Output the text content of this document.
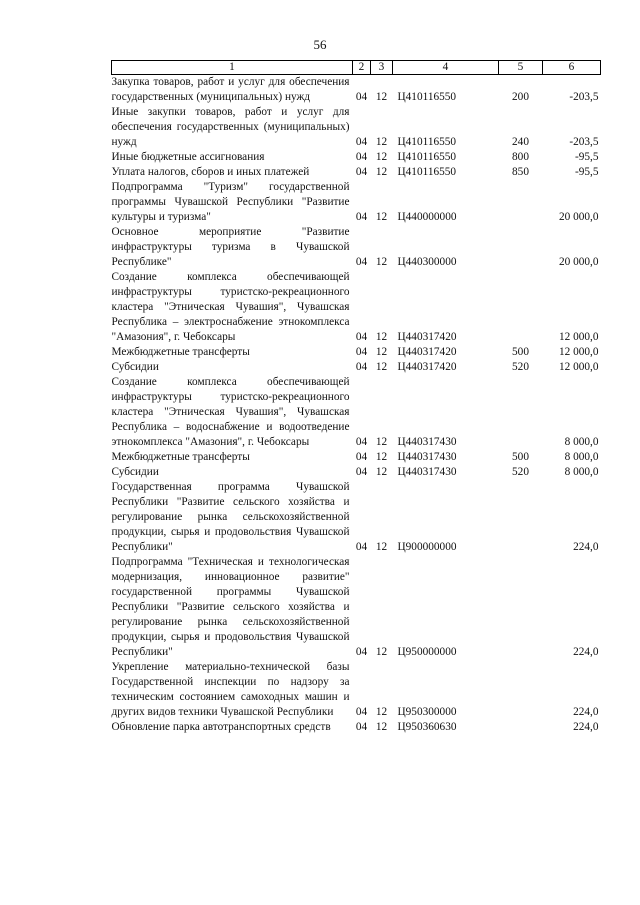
56
1	2	3	4	5	6
Закупка товаров, работ и услуг для обеспечения государственных (муниципальных) нужд	04	12	Ц410116550	200	-203,5
Иные закупки товаров, работ и услуг для обеспечения государственных (муниципальных) нужд	04	12	Ц410116550	240	-203,5
Иные бюджетные ассигнования	04	12	Ц410116550	800	-95,5
Уплата налогов, сборов и иных платежей	04	12	Ц410116550	850	-95,5
Подпрограмма "Туризм" государственной программы Чувашской Республики "Развитие культуры и туризма"	04	12	Ц440000000		20 000,0
Основное мероприятие "Развитие инфраструктуры туризма в Чувашской Республике"	04	12	Ц440300000		20 000,0
Создание комплекса обеспечивающей инфраструктуры туристско-рекреационного кластера "Этническая Чувашия", Чувашская Республика – электроснабжение этнокомплекса "Амазония", г. Чебоксары	04	12	Ц440317420		12 000,0
Межбюджетные трансферты	04	12	Ц440317420	500	12 000,0
Субсидии	04	12	Ц440317420	520	12 000,0
Создание комплекса обеспечивающей инфраструктуры туристско-рекреационного кластера "Этническая Чувашия", Чувашская Республика – водоснабжение и водоотведение этнокомплекса "Амазония", г. Чебоксары	04	12	Ц440317430		8 000,0
Межбюджетные трансферты	04	12	Ц440317430	500	8 000,0
Субсидии	04	12	Ц440317430	520	8 000,0
Государственная программа Чувашской Республики "Развитие сельского хозяйства и регулирование рынка сельскохозяйственной продукции, сырья и продовольствия Чувашской Республики"	04	12	Ц900000000		224,0
Подпрограмма "Техническая и технологическая модернизация, инновационное развитие" государственной программы Чувашской Республики "Развитие сельского хозяйства и регулирование рынка сельскохозяйственной продукции, сырья и продовольствия Чувашской Республики"	04	12	Ц950000000		224,0
Укрепление материально-технической базы Государственной инспекции по надзору за техническим состоянием самоходных машин и других видов техники Чувашской Республики	04	12	Ц950300000		224,0
Обновление парка автотранспортных средств	04	12	Ц950360630		224,0
